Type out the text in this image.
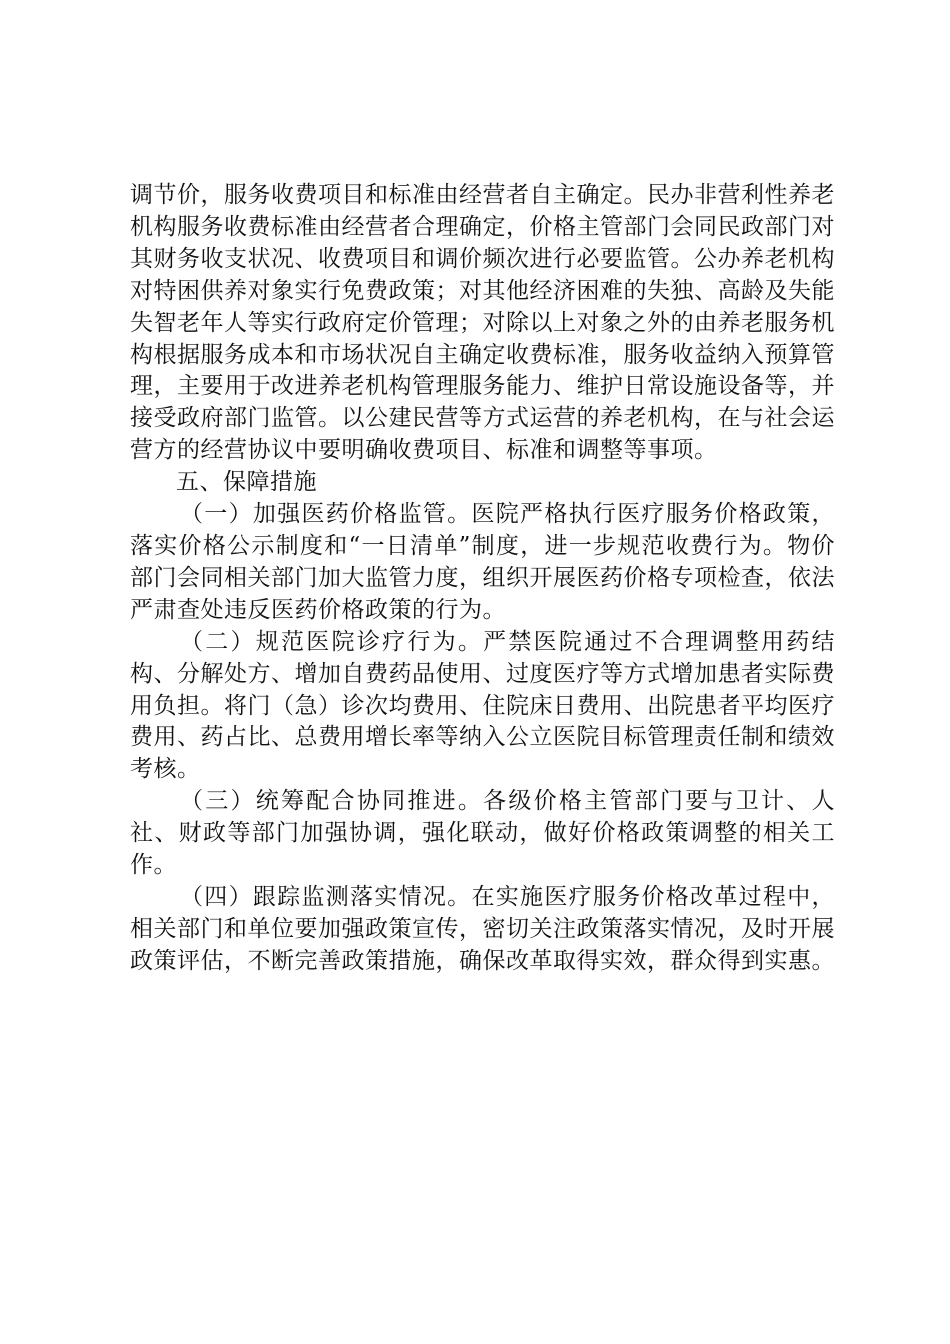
调节价，服务收费项目和标准由经营者自主确定。民办非营利性养老机构服务收费标准由经营者合理确定，价格主管部门会同民政部门对其财务收支状况、收费项目和调价频次进行必要监管。公办养老机构对特困供养对象实行免费政策；对其他经济困难的失独、高龄及失能失智老年人等实行政府定价管理；对除以上对象之外的由养老服务机构根据服务成本和市场状况自主确定收费标准，服务收益纳入预算管理，主要用于改进养老机构管理服务能力、维护日常设施设备等，并接受政府部门监管。以公建民营等方式运营的养老机构，在与社会运营方的经营协议中要明确收费项目、标准和调整等事项。

五、保障措施

（一）加强医药价格监管。医院严格执行医疗服务价格政策，落实价格公示制度和“一日清单”制度，进一步规范收费行为。物价部门会同相关部门加大监管力度，组织开展医药价格专项检查，依法严肃查处违反医药价格政策的行为。

（二）规范医院诊疗行为。严禁医院通过不合理调整用药结构、分解处方、增加自费药品使用、过度医疗等方式增加患者实际费用负担。将门（急）诊次均费用、住院床日费用、出院患者平均医疗费用、药占比、总费用增长率等纳入公立医院目标管理责任制和绩效考核。

（三）统筹配合协同推进。各级价格主管部门要与卫计、人社、财政等部门加强协调，强化联动，做好价格政策调整的相关工作。

（四）跟踪监测落实情况。在实施医疗服务价格改革过程中，相关部门和单位要加强政策宣传，密切关注政策落实情况，及时开展政策评估，不断完善政策措施，确保改革取得实效，群众得到实惠。
